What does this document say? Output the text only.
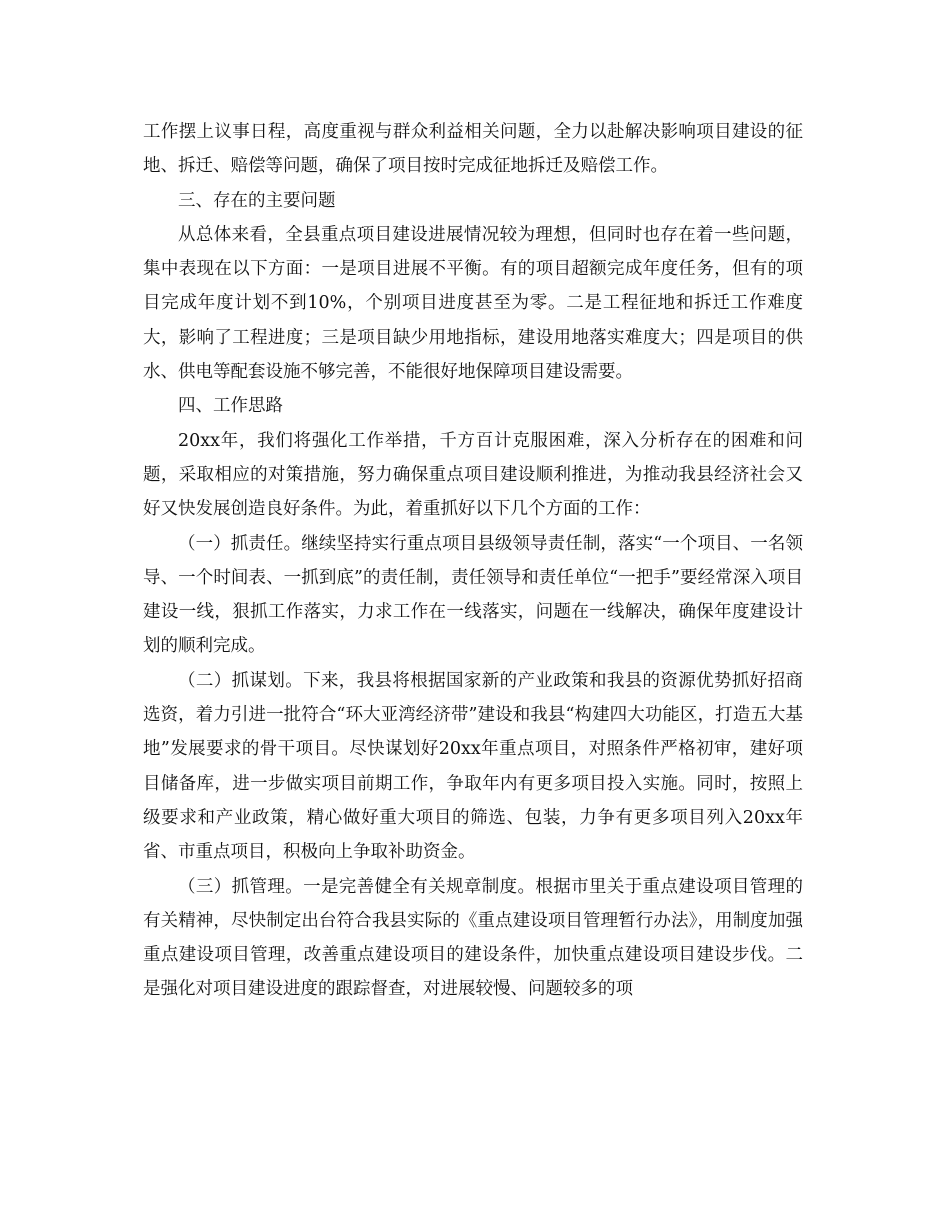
工作摆上议事日程，高度重视与群众利益相关问题，全力以赴解决影响项目建设的征地、拆迁、赔偿等问题，确保了项目按时完成征地拆迁及赔偿工作。

三、存在的主要问题

从总体来看，全县重点项目建设进展情况较为理想，但同时也存在着一些问题，集中表现在以下方面：一是项目进展不平衡。有的项目超额完成年度任务，但有的项目完成年度计划不到10%，个别项目进度甚至为零。二是工程征地和拆迁工作难度大，影响了工程进度；三是项目缺少用地指标，建设用地落实难度大；四是项目的供水、供电等配套设施不够完善，不能很好地保障项目建设需要。

四、工作思路

20xx年，我们将强化工作举措，千方百计克服困难，深入分析存在的困难和问题，采取相应的对策措施，努力确保重点项目建设顺利推进，为推动我县经济社会又好又快发展创造良好条件。为此，着重抓好以下几个方面的工作：

（一）抓责任。继续坚持实行重点项目县级领导责任制，落实“一个项目、一名领导、一个时间表、一抓到底”的责任制，责任领导和责任单位“一把手”要经常深入项目建设一线，狠抓工作落实，力求工作在一线落实，问题在一线解决，确保年度建设计划的顺利完成。

（二）抓谋划。下来，我县将根据国家新的产业政策和我县的资源优势抓好招商选资，着力引进一批符合“环大亚湾经济带”建设和我县“构建四大功能区，打造五大基地”发展要求的骨干项目。尽快谋划好20xx年重点项目，对照条件严格初审，建好项目储备库，进一步做实项目前期工作，争取年内有更多项目投入实施。同时，按照上级要求和产业政策，精心做好重大项目的筛选、包装，力争有更多项目列入20xx年省、市重点项目，积极向上争取补助资金。

（三）抓管理。一是完善健全有关规章制度。根据市里关于重点建设项目管理的有关精神，尽快制定出台符合我县实际的《重点建设项目管理暂行办法》，用制度加强重点建设项目管理，改善重点建设项目的建设条件，加快重点建设项目建设步伐。二是强化对项目建设进度的跟踪督查，对进展较慢、问题较多的项
